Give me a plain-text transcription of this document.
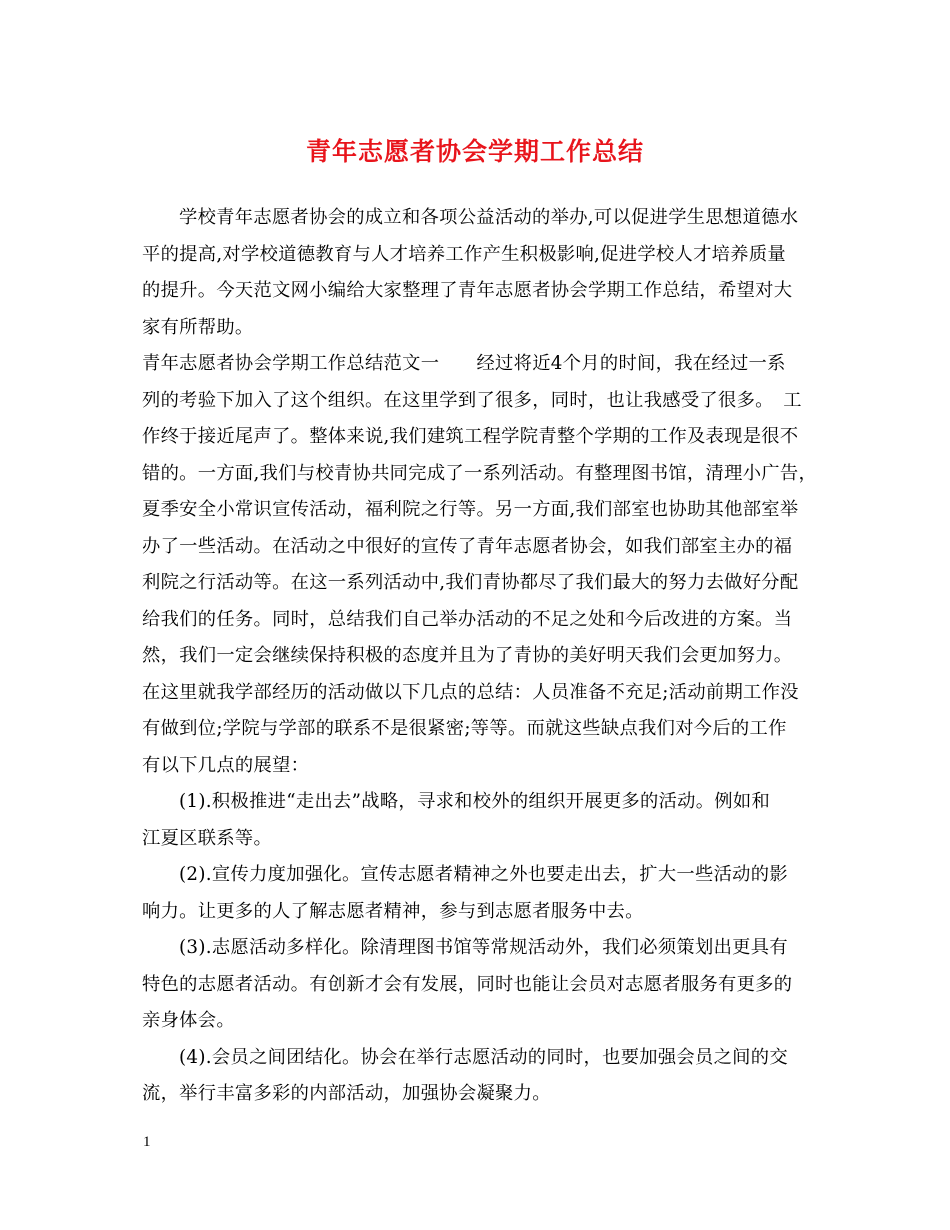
青年志愿者协会学期工作总结
学校青年志愿者协会的成立和各项公益活动的举办,可以促进学生思想道德水
平的提高,对学校道德教育与人才培养工作产生积极影响,促进学校人才培养质量
的提升。今天范文网小编给大家整理了青年志愿者协会学期工作总结，希望对大
家有所帮助。
青年志愿者协会学期工作总结范文一　　经过将近4个月的时间，我在经过一系
列的考验下加入了这个组织。在这里学到了很多，同时，也让我感受了很多。　工
作终于接近尾声了。整体来说,我们建筑工程学院青整个学期的工作及表现是很不
错的。一方面,我们与校青协共同完成了一系列活动。有整理图书馆，清理小广告，
夏季安全小常识宣传活动，福利院之行等。另一方面,我们部室也协助其他部室举
办了一些活动。在活动之中很好的宣传了青年志愿者协会，如我们部室主办的福
利院之行活动等。在这一系列活动中,我们青协都尽了我们最大的努力去做好分配
给我们的任务。同时，总结我们自己举办活动的不足之处和今后改进的方案。当
然，我们一定会继续保持积极的态度并且为了青协的美好明天我们会更加努力。
在这里就我学部经历的活动做以下几点的总结：人员准备不充足;活动前期工作没
有做到位;学院与学部的联系不是很紧密;等等。而就这些缺点我们对今后的工作
有以下几点的展望：
(1).积极推进“走出去”战略，寻求和校外的组织开展更多的活动。例如和
江夏区联系等。
(2).宣传力度加强化。宣传志愿者精神之外也要走出去，扩大一些活动的影
响力。让更多的人了解志愿者精神，参与到志愿者服务中去。
(3).志愿活动多样化。除清理图书馆等常规活动外，我们必须策划出更具有
特色的志愿者活动。有创新才会有发展，同时也能让会员对志愿者服务有更多的
亲身体会。
(4).会员之间团结化。协会在举行志愿活动的同时，也要加强会员之间的交
流，举行丰富多彩的内部活动，加强协会凝聚力。
1
